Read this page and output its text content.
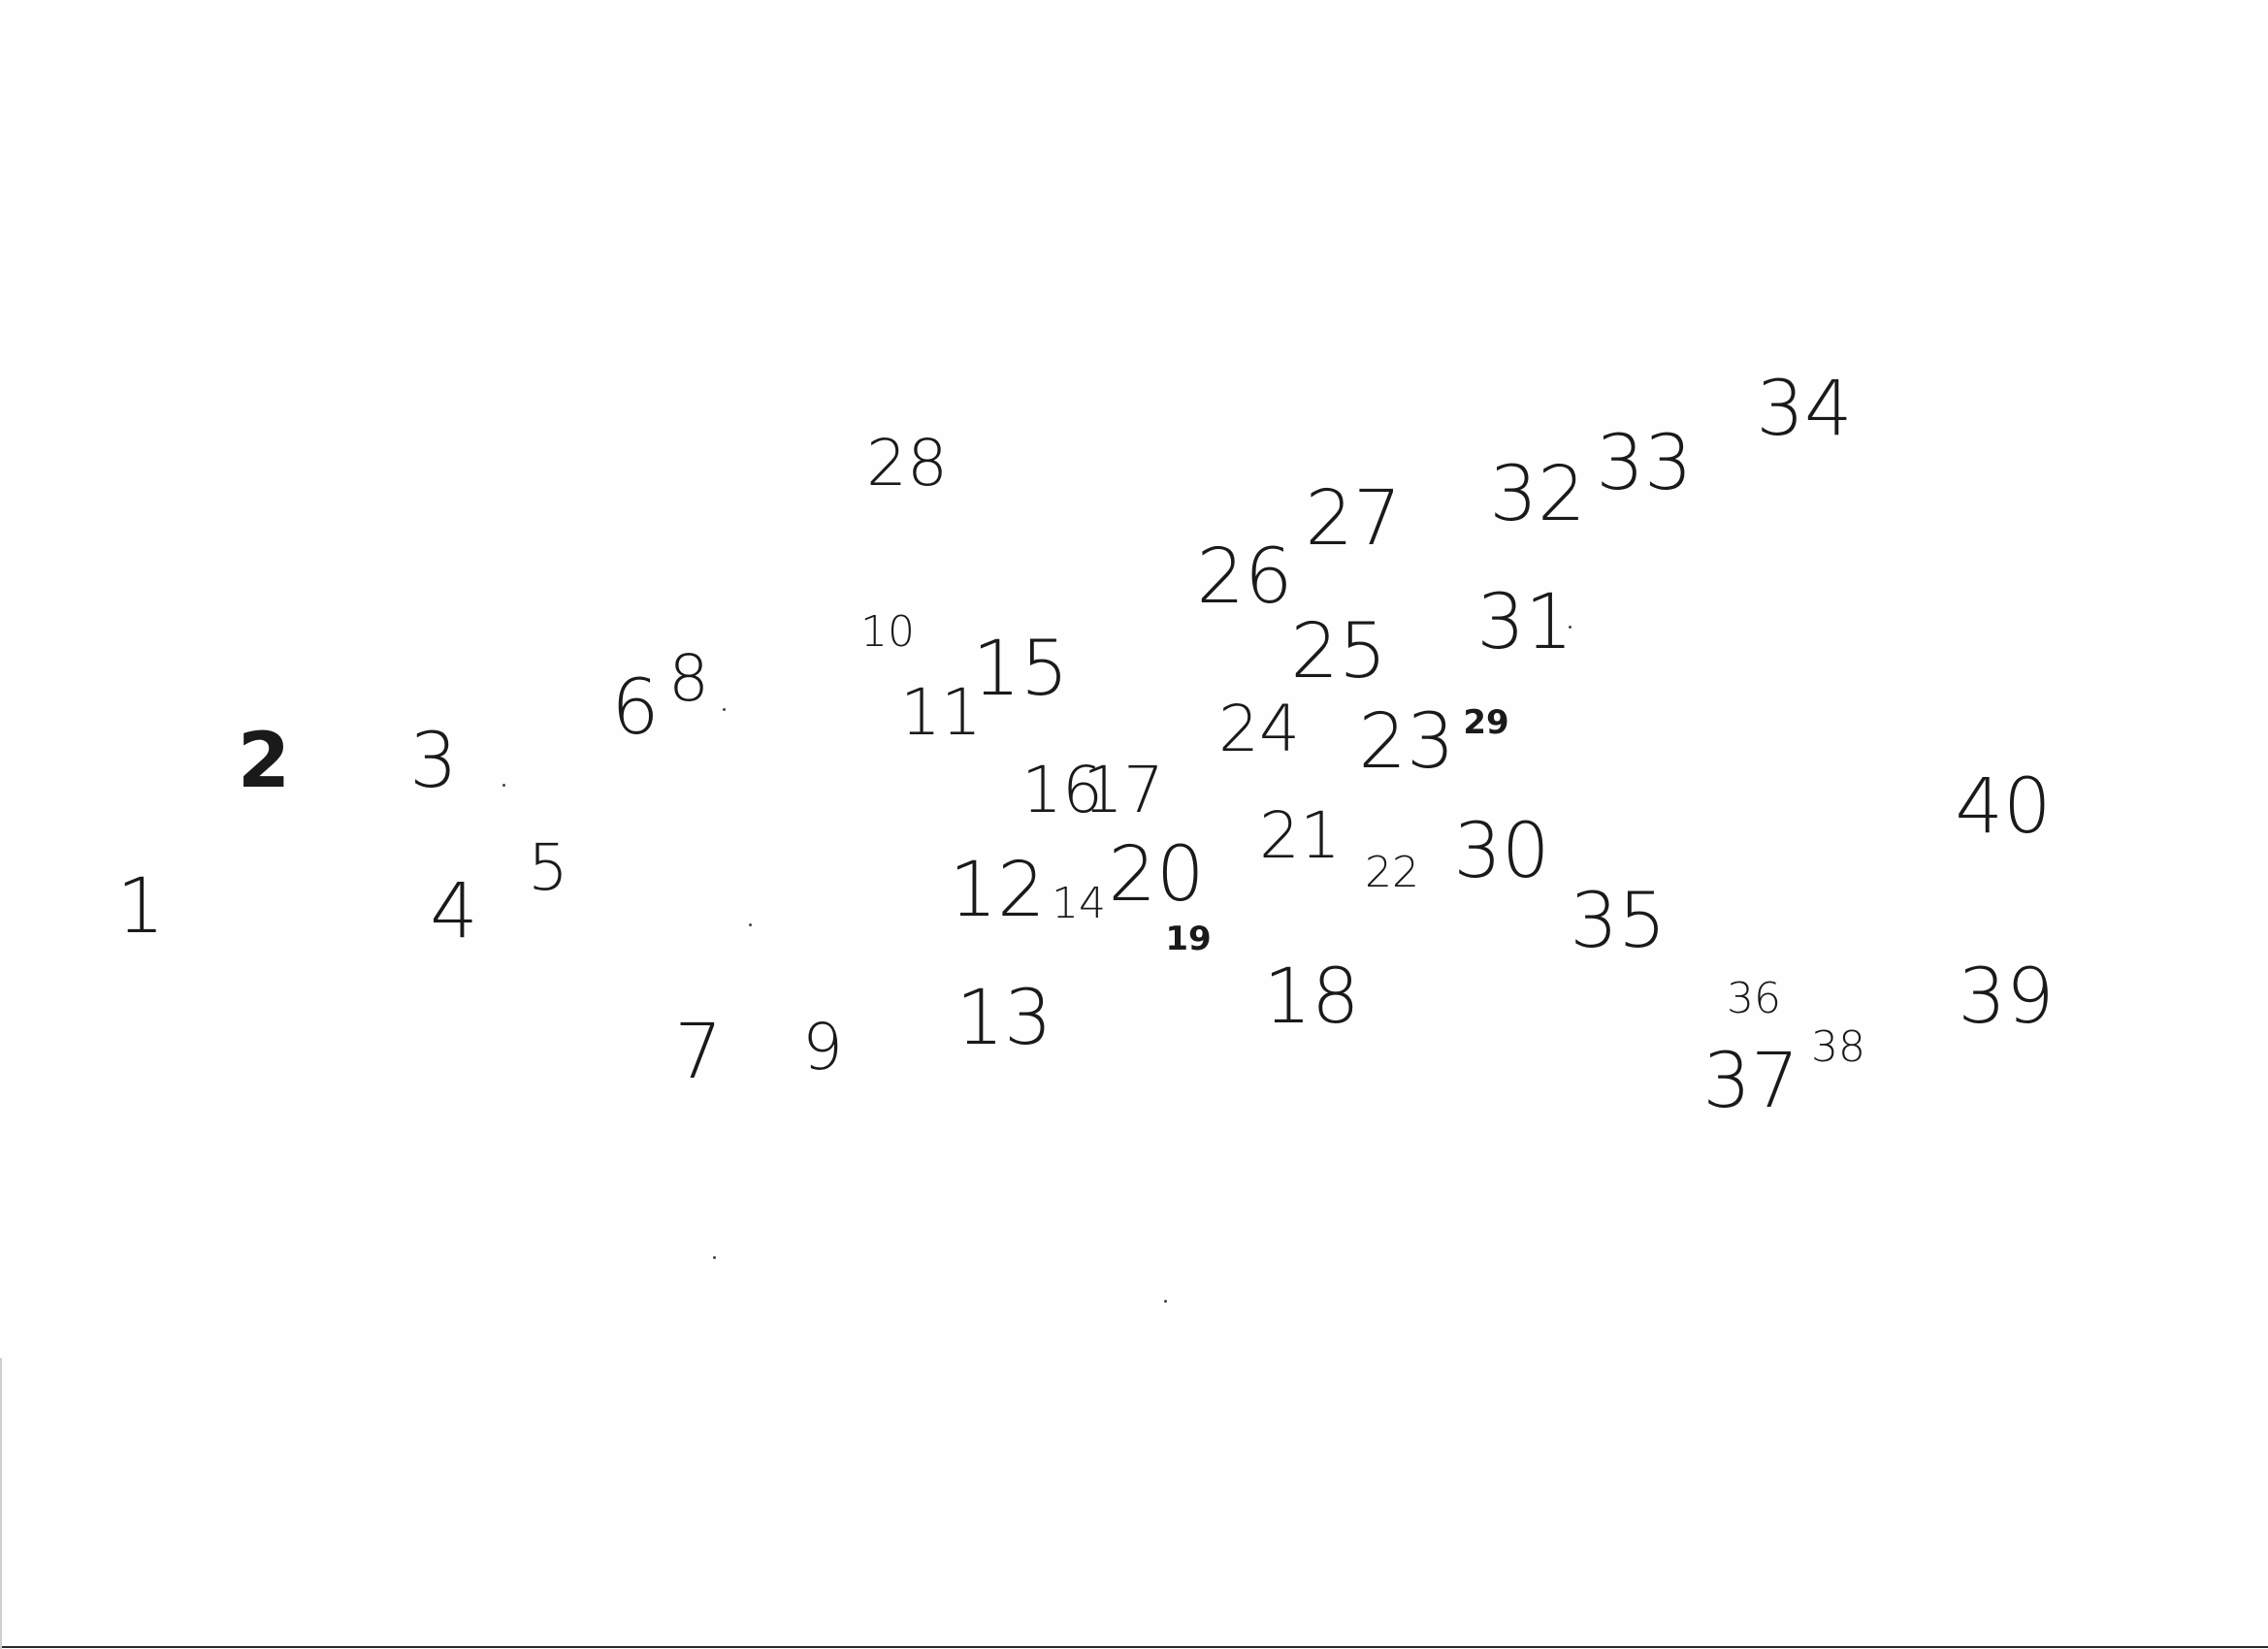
1
2 3
4
5
6
7
8
9
10
11
12
13
14
15
16
17
18
19
20 21 22
23
24
25
26
27
28
29
30
31
32 33
34
35
36
37 38
39
40
